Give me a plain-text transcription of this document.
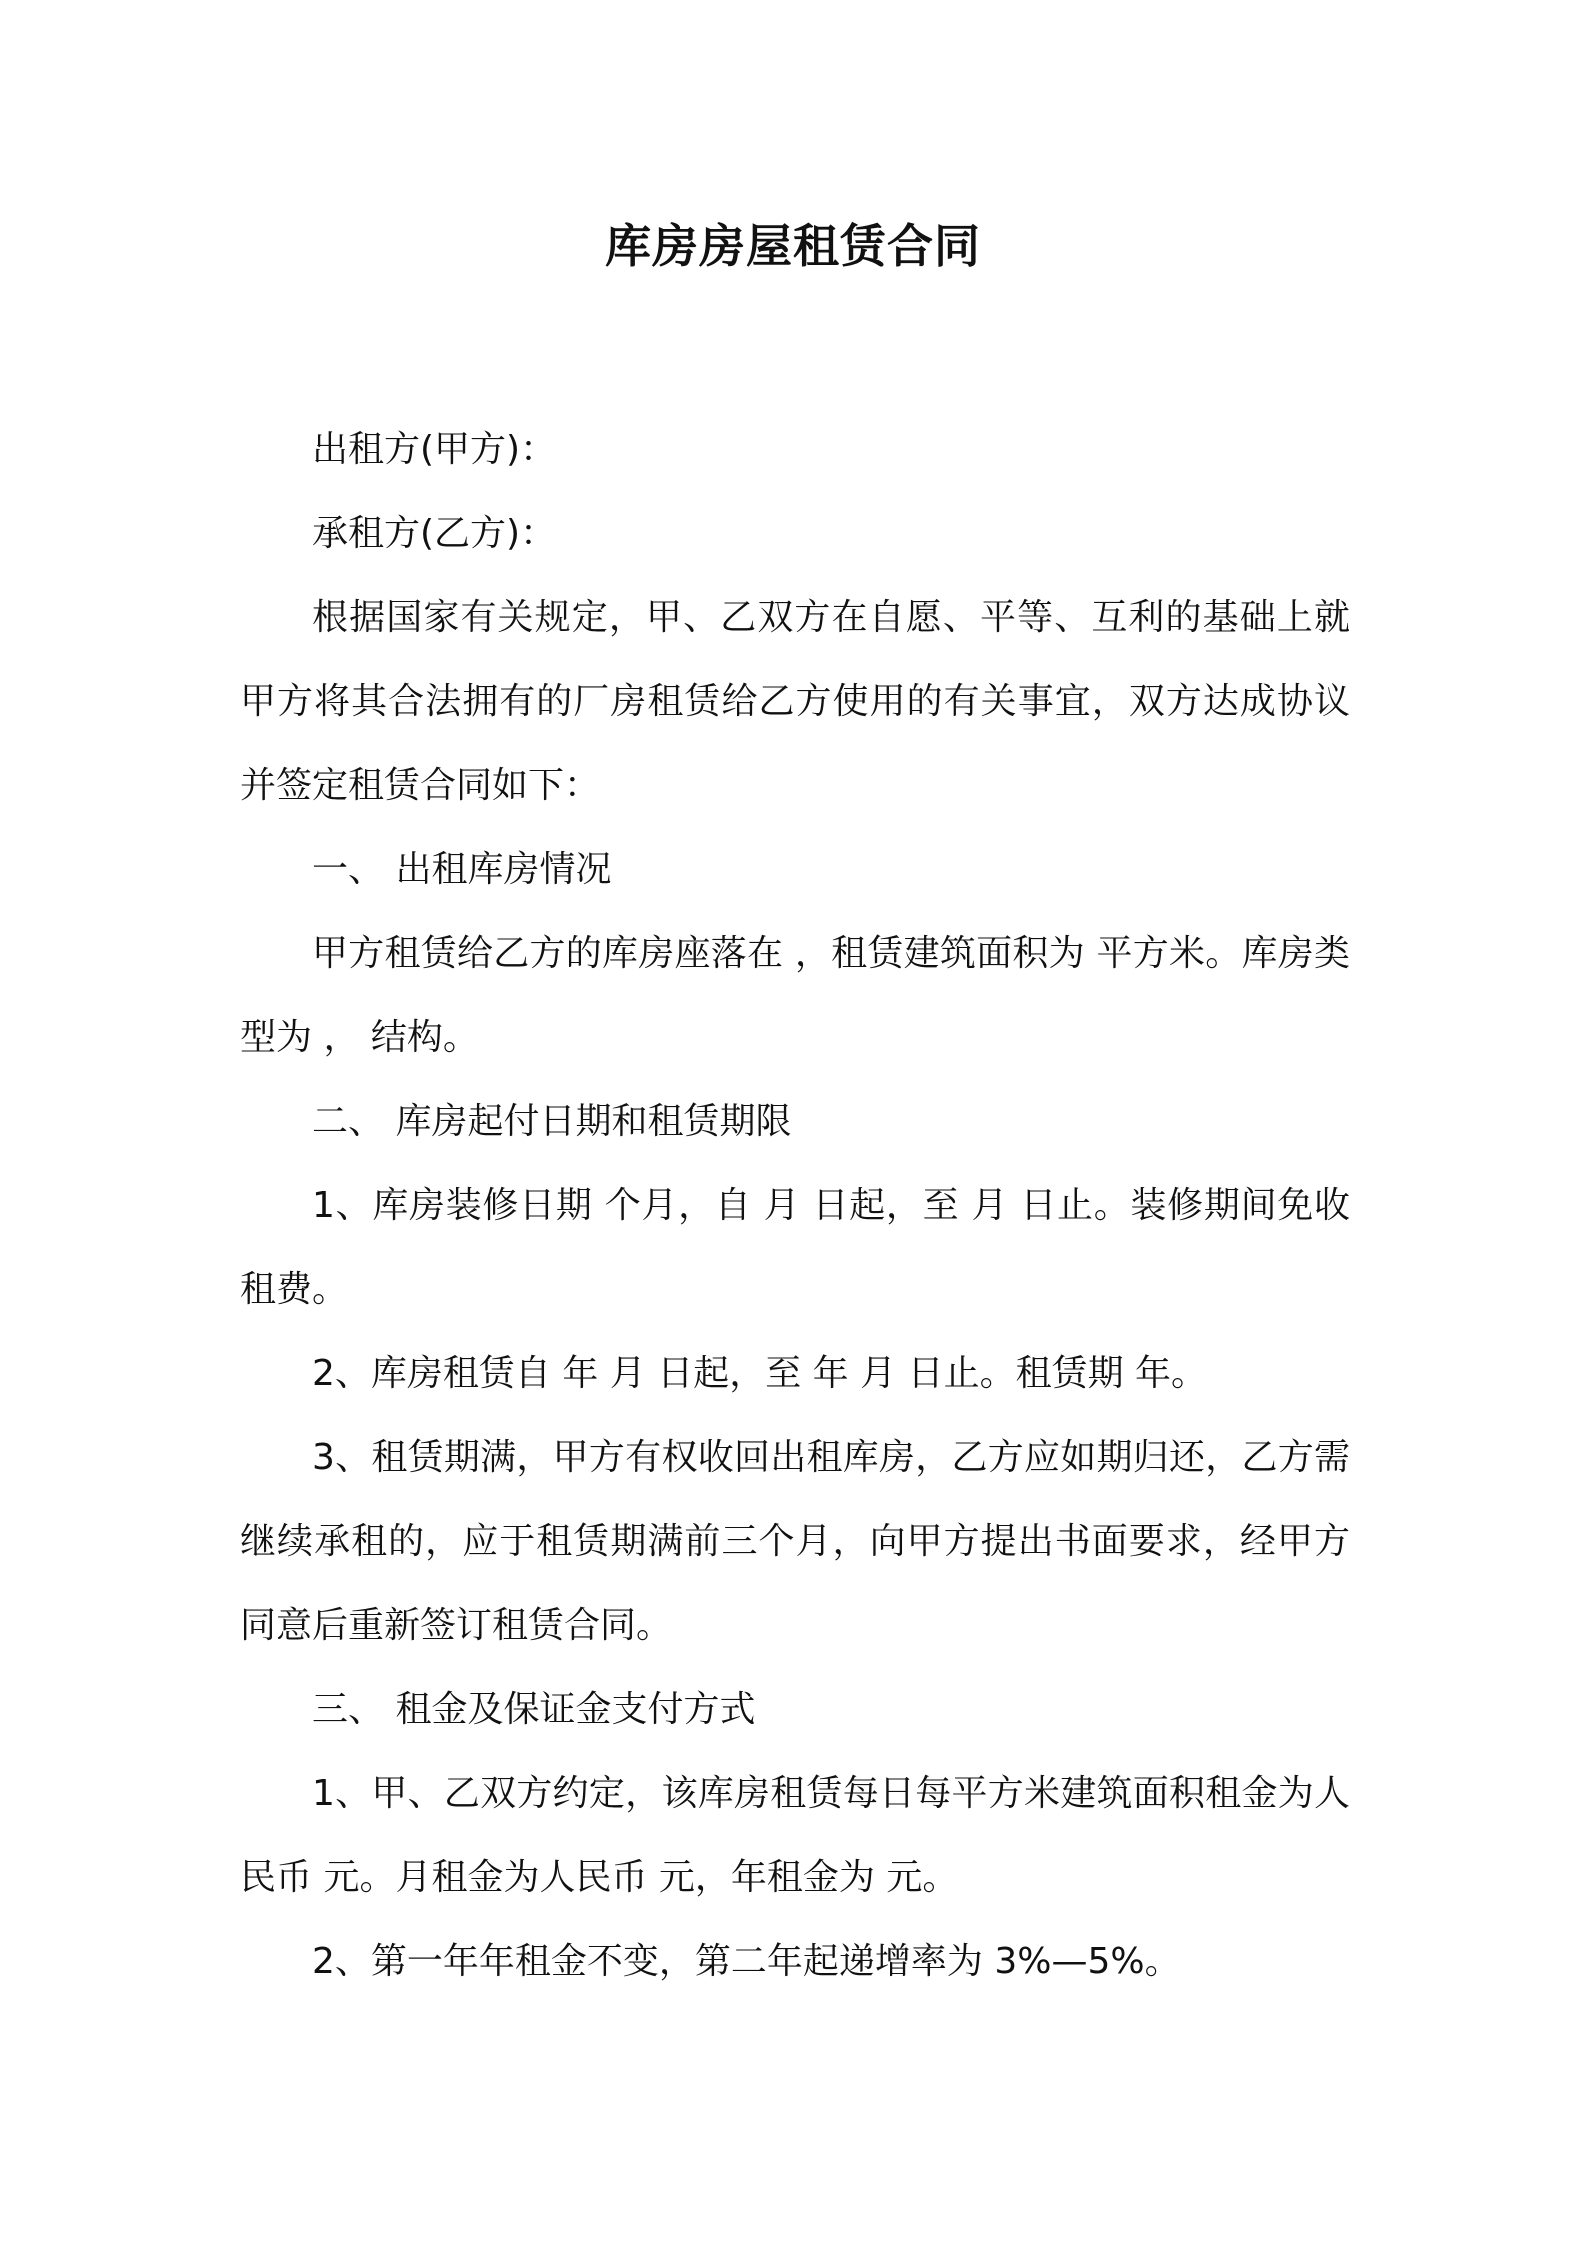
库房房屋租赁合同

出租方(甲方)：

承租方(乙方)：

根据国家有关规定，甲、乙双方在自愿、平等、互利的基础上就甲方将其合法拥有的厂房租赁给乙方使用的有关事宜，双方达成协议并签定租赁合同如下：

一、 出租库房情况

甲方租赁给乙方的库房座落在 ，租赁建筑面积为 平方米。库房类型为 ， 结构。

二、 库房起付日期和租赁期限

1、库房装修日期 个月，自 月 日起，至 月 日止。装修期间免收租费。

2、库房租赁自 年 月 日起，至 年 月 日止。租赁期 年。

3、租赁期满，甲方有权收回出租库房，乙方应如期归还，乙方需继续承租的，应于租赁期满前三个月，向甲方提出书面要求，经甲方同意后重新签订租赁合同。

三、 租金及保证金支付方式

1、甲、乙双方约定，该库房租赁每日每平方米建筑面积租金为人民币 元。月租金为人民币 元，年租金为 元。

2、第一年年租金不变，第二年起递增率为 3%—5%。
